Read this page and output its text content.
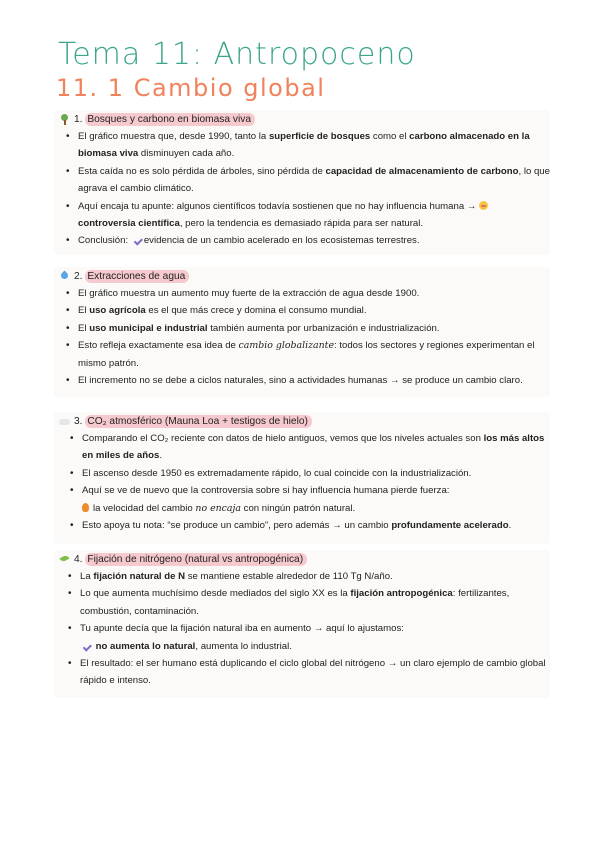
Tema 11: Antropoceno
11. 1 Cambio global
1.
Bosques y carbono en biomasa viva
• El gráfico muestra que, desde 1990, tanto la superficie de bosques como el carbono almacenado en la biomasa viva disminuyen cada año.
• Esta caída no es solo pérdida de árboles, sino pérdida de capacidad de almacenamiento de carbono, lo que agrava el cambio climático.
• Aquí encaja tu apunte: algunos científicos todavía sostienen que no hay influencia humana →
controversia científica, pero la tendencia es demasiado rápida para ser natural.
• Conclusión: evidencia de un cambio acelerado en los ecosistemas terrestres.
2.
Extracciones de agua
• El gráfico muestra un aumento muy fuerte de la extracción de agua desde 1900.
• El uso agrícola es el que más crece y domina el consumo mundial.
• El uso municipal e industrial también aumenta por urbanización e industrialización.
• Esto refleja exactamente esa idea de cambio globalizante: todos los sectores y regiones experimentan el mismo patrón.
• El incremento no se debe a ciclos naturales, sino a actividades humanas → se produce un cambio claro.
3.
CO₂ atmosférico (Mauna Loa + testigos de hielo)
• Comparando el CO₂ reciente con datos de hielo antiguos, vemos que los niveles actuales son los más altos en miles de años.
• El ascenso desde 1950 es extremadamente rápido, lo cual coincide con la industrialización.
• Aquí se ve de nuevo que la controversia sobre si hay influencia humana pierde fuerza:
la velocidad del cambio no encaja con ningún patrón natural.
• Esto apoya tu nota: “se produce un cambio”, pero además → un cambio profundamente acelerado.
4.
Fijación de nitrógeno (natural vs antropogénica)
• La fijación natural de N se mantiene estable alrededor de 110 Tg N/año.
• Lo que aumenta muchísimo desde mediados del siglo XX es la fijación antropogénica: fertilizantes, combustión, contaminación.
• Tu apunte decía que la fijación natural iba en aumento → aquí lo ajustamos:
no aumenta lo natural, aumenta lo industrial.
• El resultado: el ser humano está duplicando el ciclo global del nitrógeno → un claro ejemplo de cambio global rápido e intenso.
